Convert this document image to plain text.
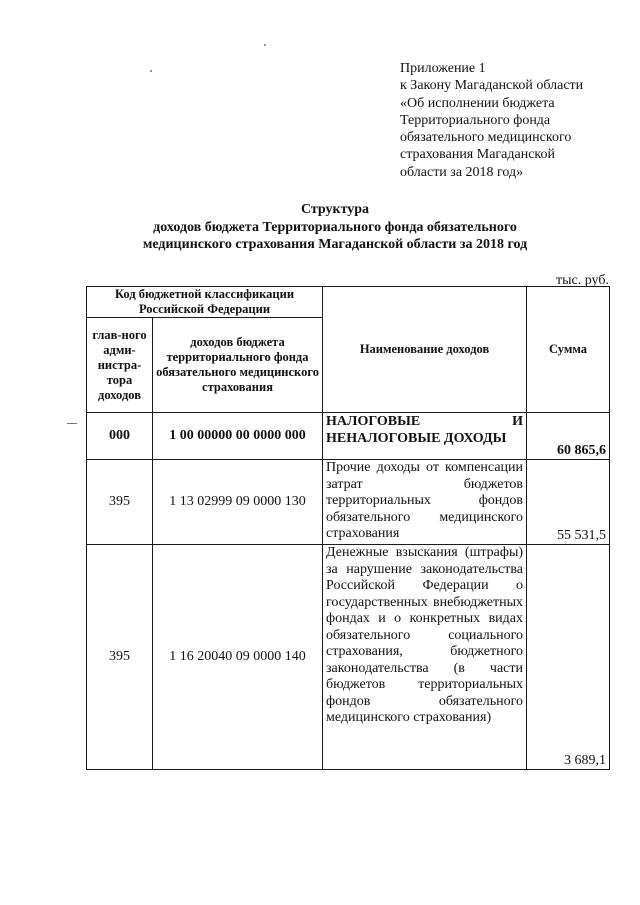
Приложение 1
к Закону Магаданской области
«Об исполнении бюджета
Территориального фонда
обязательного медицинского
страхования Магаданской
области за 2018 год»
Структура
доходов бюджета Территориального фонда обязательного
медицинского страхования Магаданской области за 2018 год
тыс. руб.
Код бюджетной классификации Российской Федерации		Наименование доходов	Сумма
глав-ного адми-нистра-тора доходов	доходов бюджета территориального фонда обязательного медицинского страхования		
000	1 00 00000 00 0000 000	НАЛОГОВЫЕ И НЕНАЛОГОВЫЕ ДОХОДЫ	60 865,6
395	1 13 02999 09 0000 130	Прочие доходы от компенсации затрат бюджетов территориальных фондов обязательного медицинского страхования	55 531,5
395	1 16 20040 09 0000 140	Денежные взыскания (штрафы) за нарушение законодательства Российской Федерации о государственных внебюджетных фондах и о конкретных видах обязательного социального страхования, бюджетного законодательства (в части бюджетов территориальных фондов обязательного медицинского страхования)	3 689,1
